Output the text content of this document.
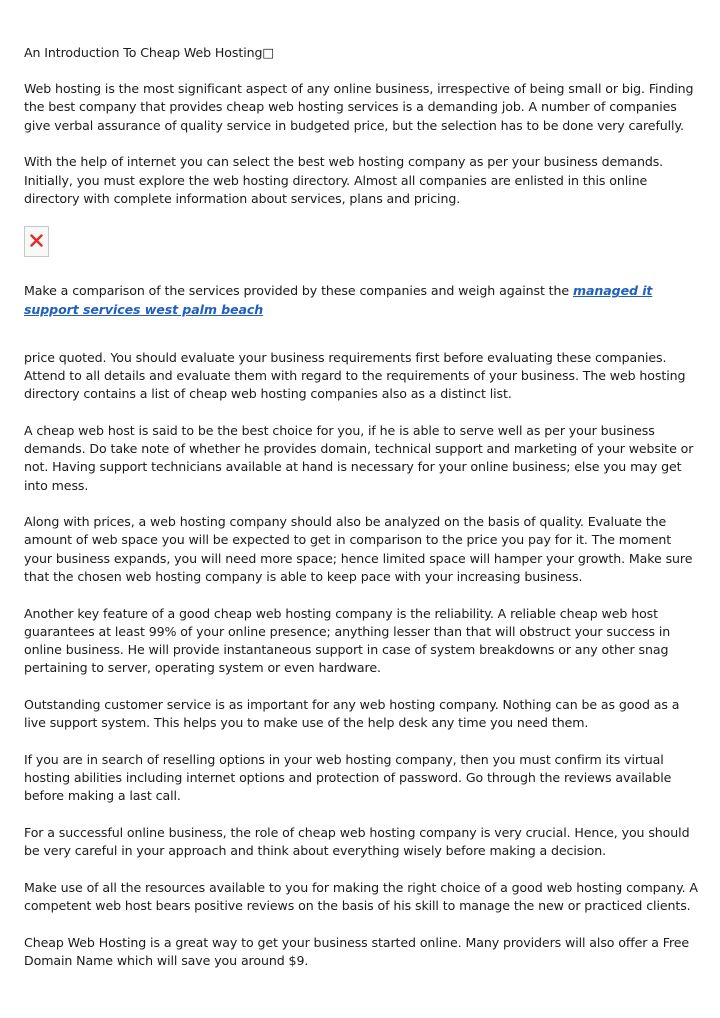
An Introduction To Cheap Web Hosting□

Web hosting is the most significant aspect of any online business, irrespective of being small or big. Finding the best company that provides cheap web hosting services is a demanding job. A number of companies give verbal assurance of quality service in budgeted price, but the selection has to be done very carefully.

With the help of internet you can select the best web hosting company as per your business demands. Initially, you must explore the web hosting directory. Almost all companies are enlisted in this online directory with complete information about services, plans and pricing.

Make a comparison of the services provided by these companies and weigh against the managed it support services west palm beach

price quoted. You should evaluate your business requirements first before evaluating these companies. Attend to all details and evaluate them with regard to the requirements of your business. The web hosting directory contains a list of cheap web hosting companies also as a distinct list.

A cheap web host is said to be the best choice for you, if he is able to serve well as per your business demands. Do take note of whether he provides domain, technical support and marketing of your website or not. Having support technicians available at hand is necessary for your online business; else you may get into mess.

Along with prices, a web hosting company should also be analyzed on the basis of quality. Evaluate the amount of web space you will be expected to get in comparison to the price you pay for it. The moment your business expands, you will need more space; hence limited space will hamper your growth. Make sure that the chosen web hosting company is able to keep pace with your increasing business.

Another key feature of a good cheap web hosting company is the reliability. A reliable cheap web host guarantees at least 99% of your online presence; anything lesser than that will obstruct your success in online business. He will provide instantaneous support in case of system breakdowns or any other snag pertaining to server, operating system or even hardware.

Outstanding customer service is as important for any web hosting company. Nothing can be as good as a live support system. This helps you to make use of the help desk any time you need them.

If you are in search of reselling options in your web hosting company, then you must confirm its virtual hosting abilities including internet options and protection of password. Go through the reviews available before making a last call.

For a successful online business, the role of cheap web hosting company is very crucial. Hence, you should be very careful in your approach and think about everything wisely before making a decision.

Make use of all the resources available to you for making the right choice of a good web hosting company. A competent web host bears positive reviews on the basis of his skill to manage the new or practiced clients.

Cheap Web Hosting is a great way to get your business started online. Many providers will also offer a Free Domain Name which will save you around $9.
